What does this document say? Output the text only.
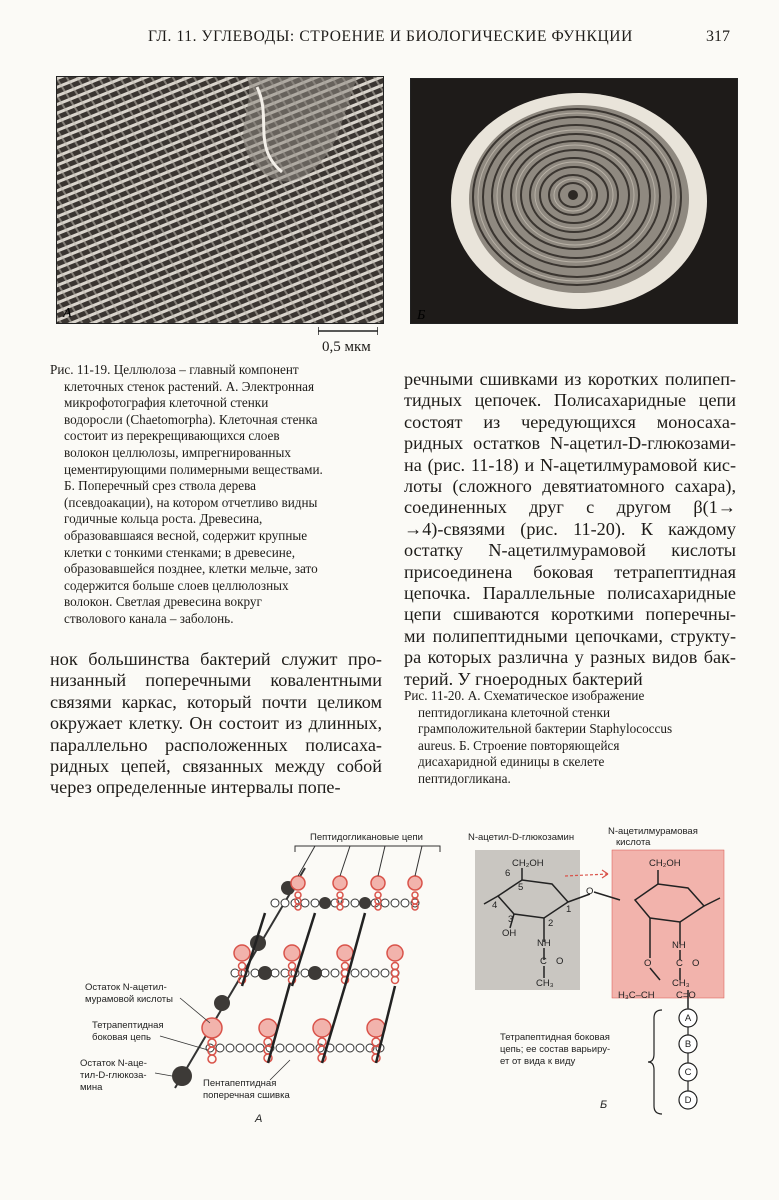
ГЛ. 11. УГЛЕВОДЫ: СТРОЕНИЕ И БИОЛОГИЧЕСКИЕ ФУНКЦИИ	317
А	Б
0,5 мкм
Рис. 11-19. Целлюлоза – главный компонент
клеточных стенок растений. А. Электронная
микрофотография клеточной стенки
водоросли (Chaetomorpha). Клеточная стенка
состоит из перекрещивающихся слоев
волокон целлюлозы, импрегнированных
цементирующими полимерными веществами.
Б. Поперечный срез ствола дерева
(псевдоакации), на котором отчетливо видны
годичные кольца роста. Древесина,
образовавшаяся весной, содержит крупные
клетки с тонкими стенками; в древесине,
образовавшейся позднее, клетки мельче, зато
содержится больше слоев целлюлозных
волокон. Светлая древесина вокруг
стволового канала – заболонь.
речными сшивками из коротких полипеп-
тидных цепочек. Полисахаридные цепи
состоят из чередующихся моносаха-
ридных остатков N-ацетил-D-глюкозами-
на (рис. 11-18) и N-ацетилмурамовой кис-
лоты (сложного девятиатомного сахара),
соединенных друг с другом β(1→
→4)-связями (рис. 11-20). К каждому
остатку N-ацетилмурамовой кислоты
присоединена боковая тетрапептидная
цепочка. Параллельные полисахаридные
цепи сшиваются короткими поперечны-
ми полипептидными цепочками, структу-
ра которых различна у разных видов бак-
терий. У гноеродных бактерий
нок большинства бактерий служит про-
низанный поперечными ковалентными
связями каркас, который почти целиком
окружает клетку. Он состоит из длинных,
параллельно расположенных полисаха-
ридных цепей, связанных между собой
через определенные интервалы попе-
Рис. 11-20. А. Схематическое изображение
пептидогликана клеточной стенки
грамположительной бактерии Staphylococcus
aureus. Б. Строение повторяющейся
дисахаридной единицы в скелете
пептидогликана.
Пептидогликановые цепи
Остаток N-ацетил-
мурамовой кислоты
Тетрапептидная
боковая цепь
Остаток N-аце-
тил-D-глюкоза-
мина	Пентапептидная
поперечная сшивка
А
N-ацетил-D-глюкозамин
N-ацетилмурамовая
кислота
CH₂OH
OH
NH
C O
CH₃
6
5
4
3	2
1
O
CH₂OH
NH
C O
CH₃
O
H₃C–CH C=O
A
B
C
D
Тетрапептидная боковая
цепь; ее состав варьиру-
ет от вида к виду
Б
